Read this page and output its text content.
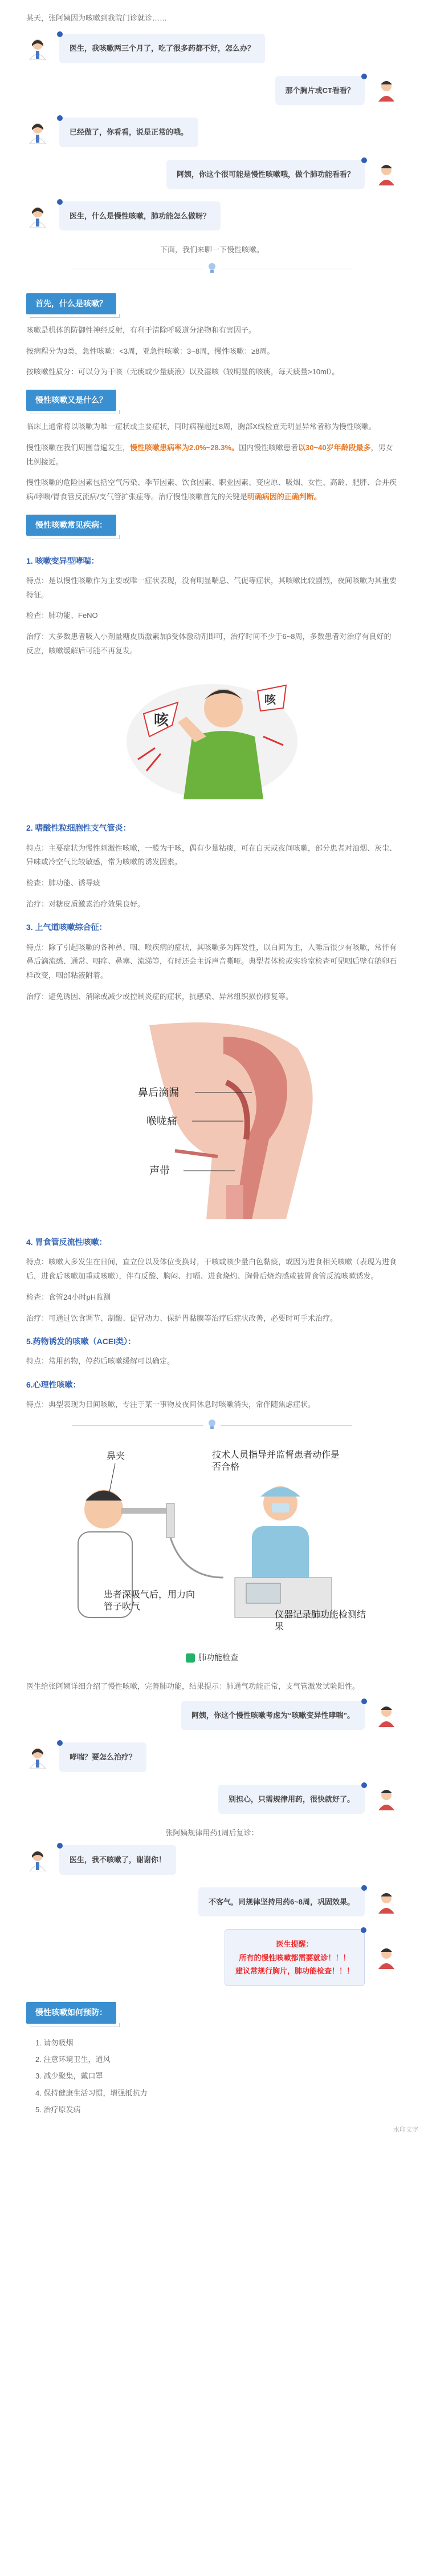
某天，张阿姨因为咳嗽到我院门诊就诊……
医生，我咳嗽两三个月了，吃了很多药都不好，怎么办？
那个胸片或CT看看？
已经做了，你看看，说是正常的哦。
阿姨，你这个很可能是慢性咳嗽哦，做个肺功能看看？
医生，什么是慢性咳嗽，肺功能怎么做呀？
下面，我们来聊一下慢性咳嗽。
首先，什么是咳嗽？

咳嗽是机体的防御性神经反射，有利于清除呼吸道分泌物和有害因子。

按病程分为3类，急性咳嗽：<3周，亚急性咳嗽：3~8周，慢性咳嗽：≥8周。

按咳嗽性质分：可以分为干咳（无痰或少量痰液）以及湿咳（较明显的咳痰，每天痰量>10ml）。

慢性咳嗽又是什么？

临床上通常将以咳嗽为唯一症状或主要症状，同时病程超过8周，胸部X线检查无明显异常者称为慢性咳嗽。

慢性咳嗽在我们周围普遍发生，慢性咳嗽患病率为2.0%~28.3%。国内慢性咳嗽患者以30~40岁年龄段最多，男女比例接近。

慢性咳嗽的危险因素包括空气污染、季节因素、饮食因素、职业因素、变应原、吸烟、女性、高龄、肥胖、合并疾病/哮喘/胃食管反流病/支气管扩张症等。治疗慢性咳嗽首先的关键是明确病因的正确判断。

慢性咳嗽常见疾病：
1. 咳嗽变异型哮喘：

特点：是以慢性咳嗽作为主要或唯一症状表现，没有明显喘息、气促等症状，其咳嗽比较剧烈，夜间咳嗽为其重要特征。

检查：肺功能、FeNO

治疗：大多数患者吸入小剂量糖皮质激素加β受体激动剂即可，治疗时间不少于6~8周，多数患者对治疗有良好的反应，咳嗽缓解后可能不再复发。

咳
咳
2. 嗜酸性粒细胞性支气管炎：

特点：主要症状为慢性刺激性咳嗽，一般为干咳，偶有少量粘痰，可在白天或夜间咳嗽，部分患者对油烟、灰尘、异味或冷空气比较敏感，常为咳嗽的诱发因素。

检查：肺功能、诱导痰

治疗：对糖皮质激素治疗效果良好。

3. 上气道咳嗽综合征：

特点：除了引起咳嗽的各种鼻、咽、喉疾病的症状，其咳嗽多为阵发性，以白间为主，入睡后很少有咳嗽，常伴有鼻后滴流感、通常、咽痒、鼻塞、流涕等，有时还会主诉声音嘶哑。典型者体检或实验室检查可见咽后壁有鹅卵石样改变，咽部粘液附着。

治疗：避免诱因、消除或减少或控制炎症的症状，抗感染、异常组织损伤修复等。

鼻后滴漏
喉咙痛
声带
4. 胃食管反流性咳嗽：

特点：咳嗽大多发生在日间，直立位以及体位变换时，干咳或咳少量白色黏痰，或因为进食相关咳嗽（表现为进食后，进食后咳嗽加重或咳嗽），伴有反酸、胸闷、打嗝、进食烧灼、胸骨后烧灼感或被胃食管反流咳嗽诱发。

检查：食管24小时pH监测

治疗：可通过饮食调节、制酸、促胃动力、保护胃黏膜等治疗后症状改善，必要时可手术治疗。

5.药物诱发的咳嗽（ACEI类）：

特点：常用药物，停药后咳嗽缓解可以确定。

6.心理性咳嗽：

特点：典型表现为日间咳嗽，专注于某一事物及夜间休息时咳嗽消失，常伴随焦虑症状。

鼻夹	技术人员指导并监督患者动作是否合格
患者深吸气后，用力向管子吹气
仪器记录肺功能检测结果
肺功能检查

医生给张阿姨详细介绍了慢性咳嗽，完善肺功能，结果提示：肺通气功能正常，支气管激发试验阳性。

阿姨，你这个慢性咳嗽考虑为“咳嗽变异性哮喘”。
哮喘？要怎么治疗？
别担心，只需规律用药，很快就好了。
张阿姨规律用药1周后复诊：
医生，我不咳嗽了，谢谢你！
不客气，同规律坚持用药6~8周，巩固效果。
医生提醒：
所有的慢性咳嗽都需要就诊！！！
建议常规行胸片，肺功能检查！！！
慢性咳嗽如何预防：
1. 请勿吸烟
2. 注意环境卫生，通风
3. 减少聚集，戴口罩
4. 保持健康生活习惯，增强抵抗力
5. 治疗原发病
水印文字
